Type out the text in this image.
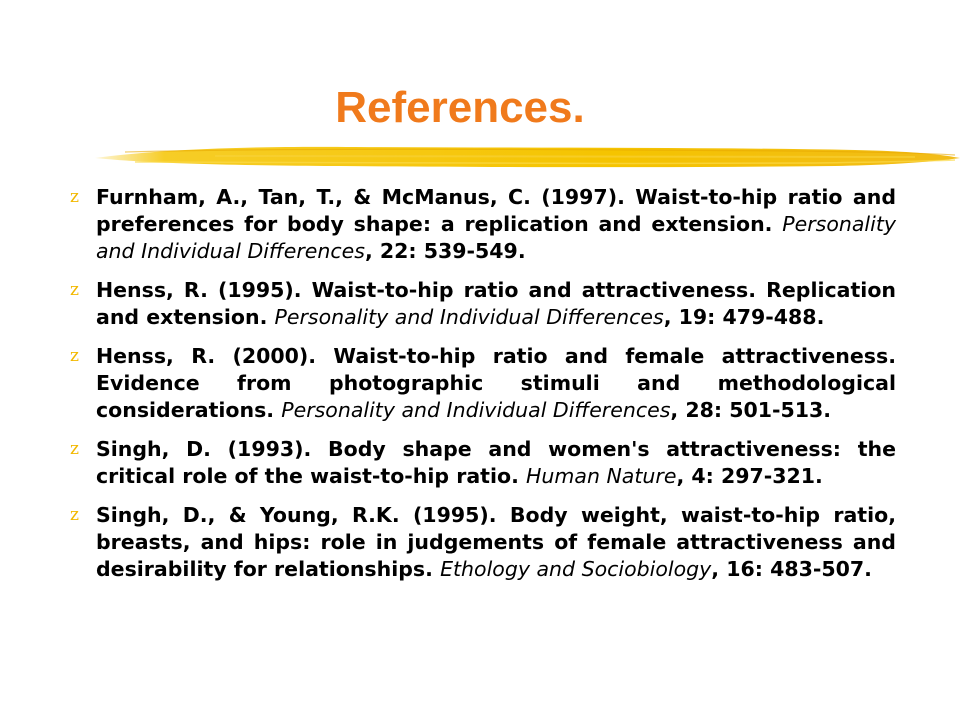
References.
z Furnham, A., Tan, T., & McManus, C. (1997). Waist-to-hip ratio and preferences for body shape: a replication and extension. Personality and Individual Differences, 22: 539-549.
z Henss, R. (1995). Waist-to-hip ratio and attractiveness. Replication and extension. Personality and Individual Differences, 19: 479-488.
z Henss, R. (2000). Waist-to-hip ratio and female attractiveness. Evidence from photographic stimuli and methodological considerations. Personality and Individual Differences, 28: 501-513.
z Singh, D. (1993). Body shape and women's attractiveness: the critical role of the waist-to-hip ratio. Human Nature, 4: 297-321.
z Singh, D., & Young, R.K. (1995). Body weight, waist-to-hip ratio, breasts, and hips: role in judgements of female attractiveness and desirability for relationships. Ethology and Sociobiology, 16: 483-507.
